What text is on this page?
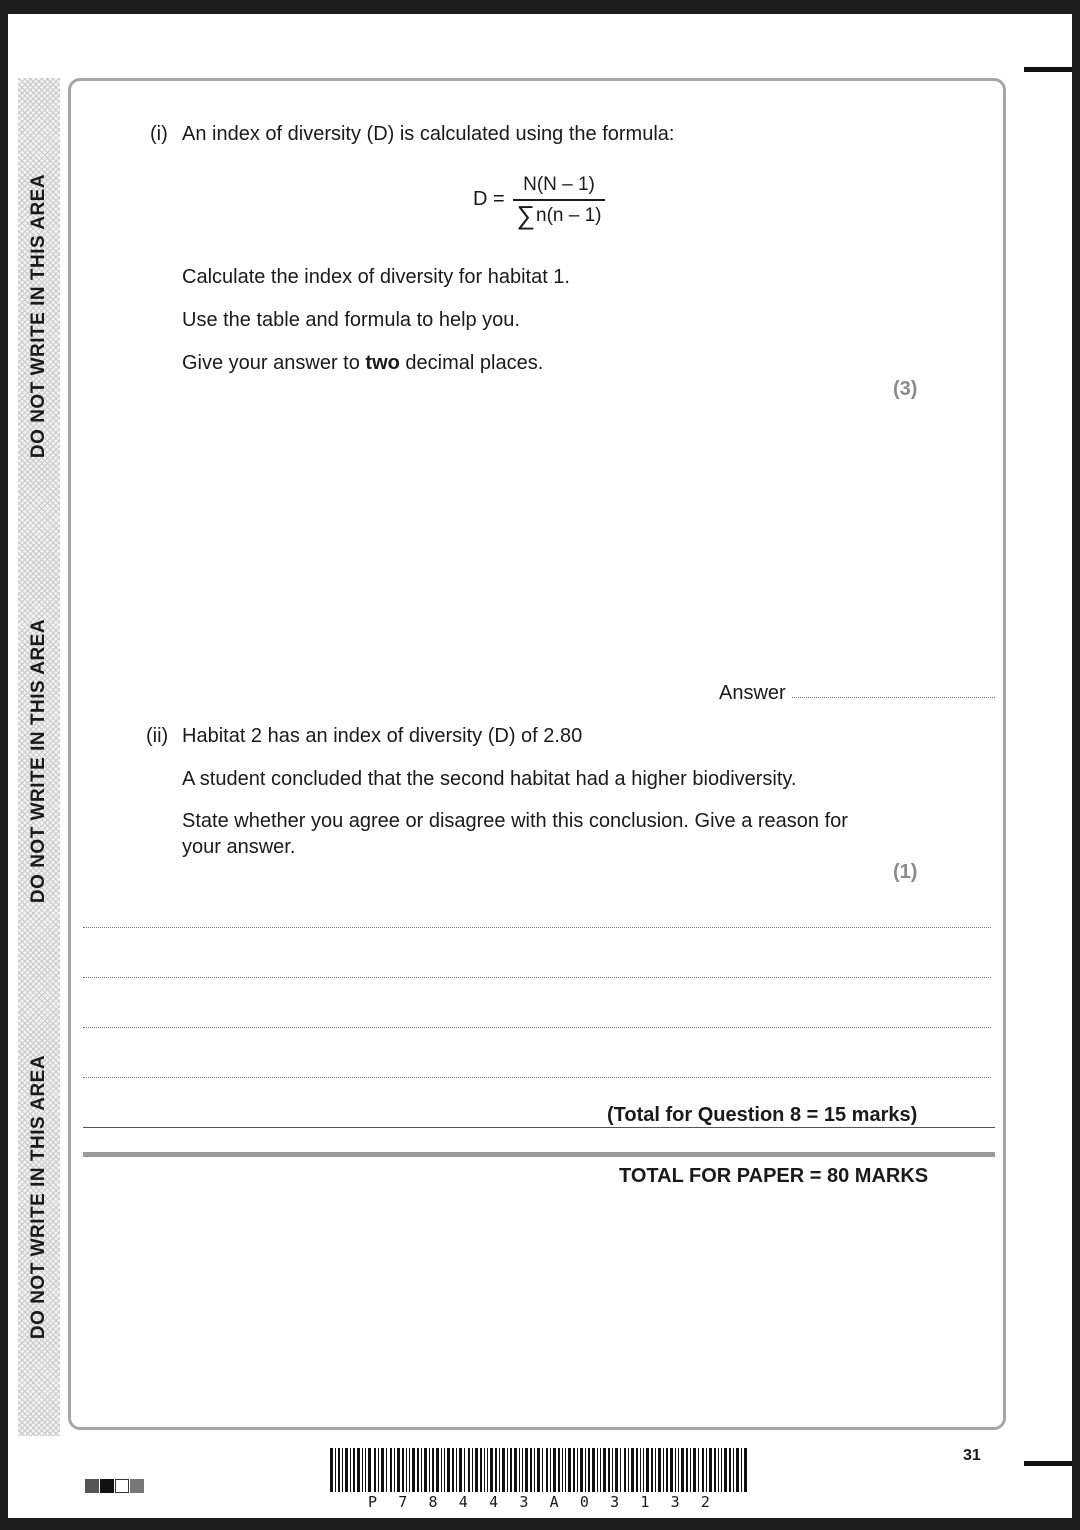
DO NOT WRITE IN THIS AREA
DO NOT WRITE IN THIS AREA
DO NOT WRITE IN THIS AREA
(i) An index of diversity (D) is calculated using the formula:
D =
N(N – 1)
∑n(n – 1)
Calculate the index of diversity for habitat 1.
Use the table and formula to help you.
Give your answer to two decimal places.
(3)
Answer
(ii) Habitat 2 has an index of diversity (D) of 2.80
A student concluded that the second habitat had a higher biodiversity.
State whether you agree or disagree with this conclusion. Give a reason for
your answer.
(1)
(Total for Question 8 = 15 marks)
TOTAL FOR PAPER = 80 MARKS
31
P 7 8 4 4 3 A 0 3 1 3 2
